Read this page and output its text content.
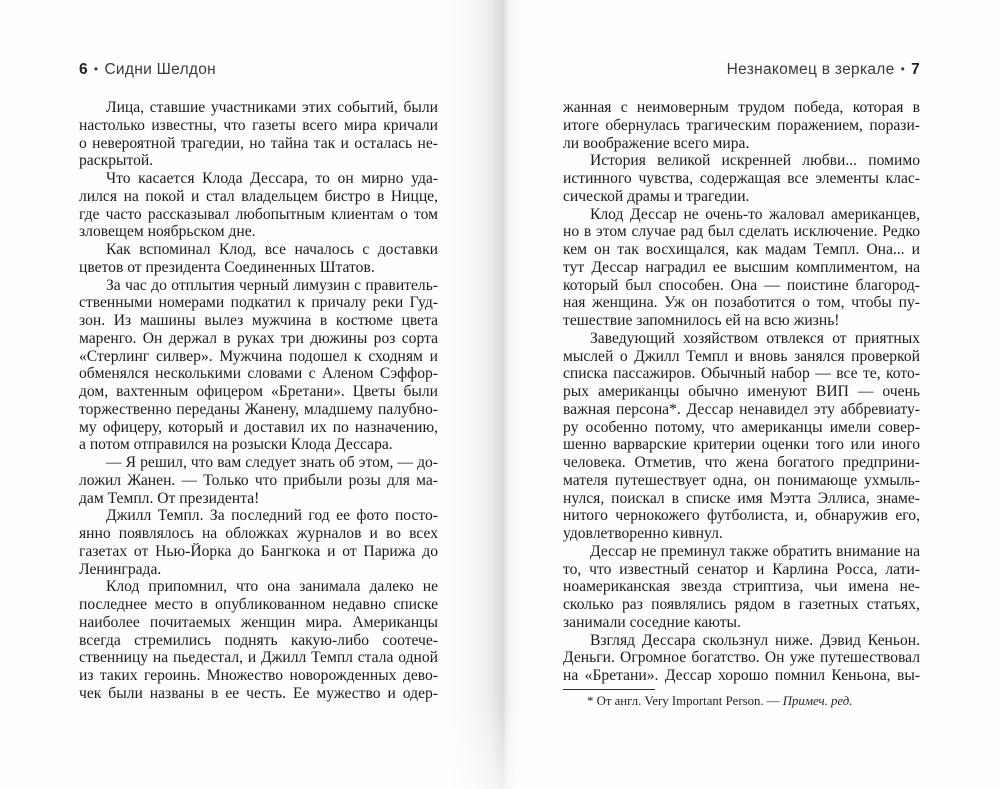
6 • Сидни Шелдон	Незнакомец в зеркале • 7
Лица, ставшие участниками этих событий, были
настолько известны, что газеты всего мира кричали
о невероятной трагедии, но тайна так и осталась не-
раскрытой.
Что касается Клода Дессара, то он мирно уда-
лился на покой и стал владельцем бистро в Ницце,
где часто рассказывал любопытным клиентам о том
зловещем ноябрьском дне.
Как вспоминал Клод, все началось с доставки
цветов от президента Соединенных Штатов.
За час до отплытия черный лимузин с правитель-
ственными номерами подкатил к причалу реки Гуд-
зон. Из машины вылез мужчина в костюме цвета
маренго. Он держал в руках три дюжины роз сорта
«Стерлинг силвер». Мужчина подошел к сходням и
обменялся несколькими словами с Аленом Сэффор-
дом, вахтенным офицером «Бретани». Цветы были
торжественно переданы Жанену, младшему палубно-
му офицеру, который и доставил их по назначению,
а потом отправился на розыски Клода Дессара.
— Я решил, что вам следует знать об этом, — до-
ложил Жанен. — Только что прибыли розы для ма-
дам Темпл. От президента!
Джилл Темпл. За последний год ее фото посто-
янно появлялось на обложках журналов и во всех
газетах от Нью-Йорка до Бангкока и от Парижа до
Ленинграда.
Клод припомнил, что она занимала далеко не
последнее место в опубликованном недавно списке
наиболее почитаемых женщин мира. Американцы
всегда стремились поднять какую-либо соотече-
ственницу на пьедестал, и Джилл Темпл стала одной
из таких героинь. Множество новорожденных дево-
чек были названы в ее честь. Ее мужество и одер-
жанная с неимоверным трудом победа, которая в
итоге обернулась трагическим поражением, порази-
ли воображение всего мира.
История великой искренней любви... помимо
истинного чувства, содержащая все элементы клас-
сической драмы и трагедии.
Клод Дессар не очень-то жаловал американцев,
но в этом случае рад был сделать исключение. Редко
кем он так восхищался, как мадам Темпл. Она... и
тут Дессар наградил ее высшим комплиментом, на
который был способен. Она — поистине благород-
ная женщина. Уж он позаботится о том, чтобы пу-
тешествие запомнилось ей на всю жизнь!
Заведующий хозяйством отвлекся от приятных
мыслей о Джилл Темпл и вновь занялся проверкой
списка пассажиров. Обычный набор — все те, кото-
рых американцы обычно именуют ВИП — очень
важная персона*. Дессар ненавидел эту аббревиату-
ру особенно потому, что американцы имели совер-
шенно варварские критерии оценки того или иного
человека. Отметив, что жена богатого предприни-
мателя путешествует одна, он понимающе ухмыль-
нулся, поискал в списке имя Мэтта Эллиса, знаме-
нитого чернокожего футболиста, и, обнаружив его,
удовлетворенно кивнул.
Дессар не преминул также обратить внимание на
то, что известный сенатор и Карлина Росса, лати-
ноамериканская звезда стриптиза, чьи имена не-
сколько раз появлялись рядом в газетных статьях,
занимали соседние каюты.
Взгляд Дессара скользнул ниже. Дэвид Кеньон.
Деньги. Огромное богатство. Он уже путешествовал
на «Бретани». Дессар хорошо помнил Кеньона, вы-
* От англ. Very Important Person. — Примеч. ред.
